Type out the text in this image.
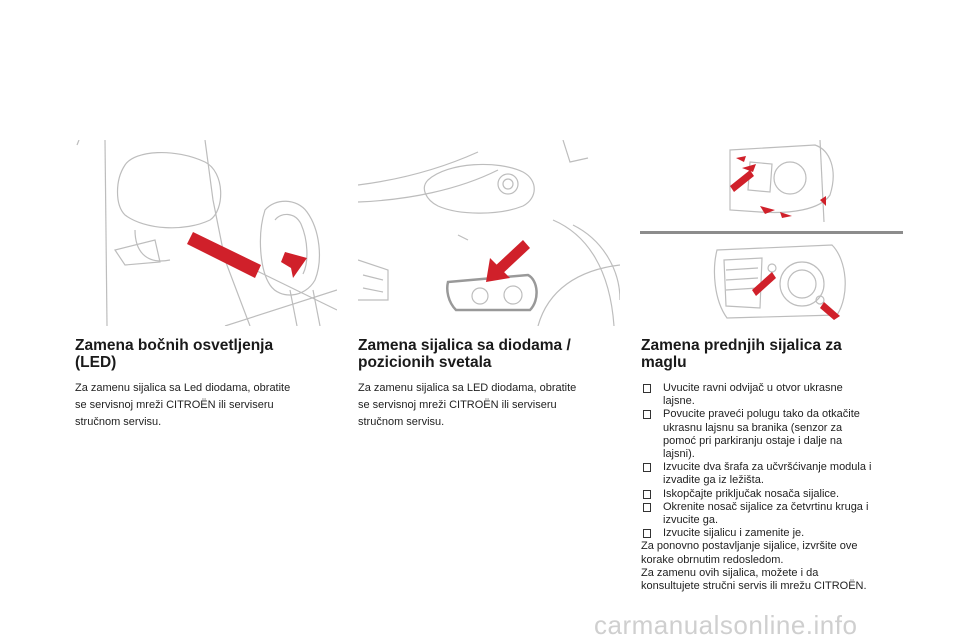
Zamena bočnih osvetljenja
(LED)

Za zamenu sijalica sa Led diodama, obratite
se servisnoj mreži CITROËN ili serviseru
stručnom servisu.

Zamena sijalica sa diodama /
pozicionih svetala

Za zamenu sijalica sa LED diodama, obratite
se servisnoj mreži CITROËN ili serviseru
stručnom servisu.

Zamena prednjih sijalica za
maglu
Uvucite ravni odvijač u otvor ukrasne
lajsne.
Povucite praveći polugu tako da otkačite
ukrasnu lajsnu sa branika (senzor za
pomoć pri parkiranju ostaje i dalje na
lajsni).
Izvucite dva šrafa za učvršćivanje modula i
izvadite ga iz ležišta.
Iskopčajte priključak nosača sijalice.
Okrenite nosač sijalice za četvrtinu kruga i
izvucite ga.
Izvucite sijalicu i zamenite je.

Za ponovno postavljanje sijalice, izvršite ove
korake obrnutim redosledom.
Za zamenu ovih sijalica, možete i da
konsultujete stručni servis ili mrežu CITROËN.

carmanualsonline.info
